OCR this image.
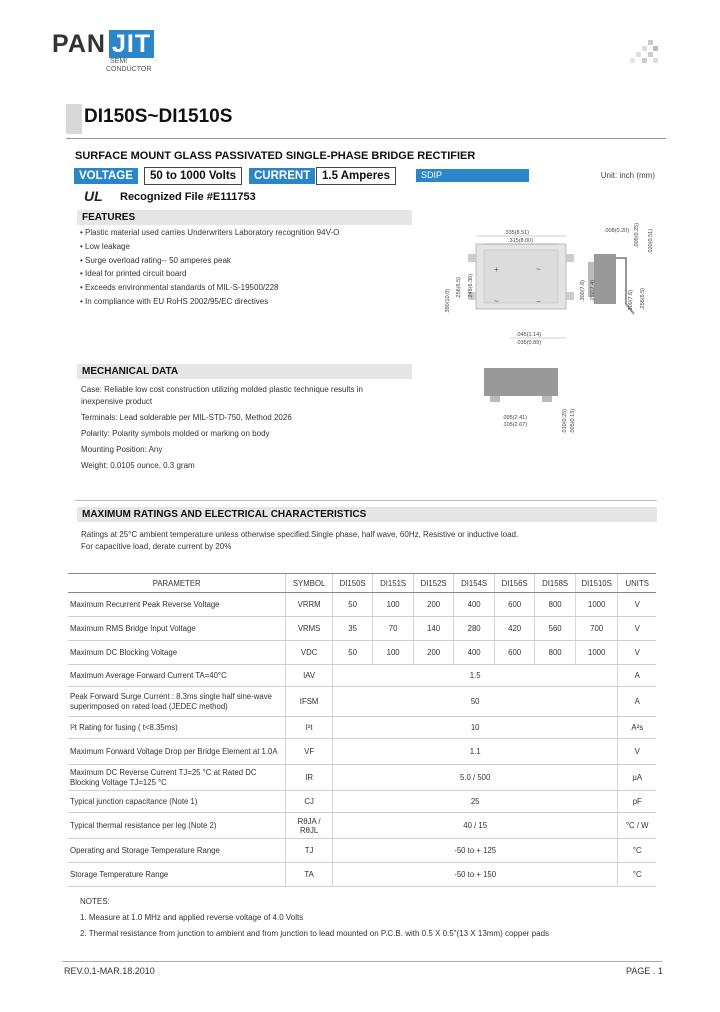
PAN JIT
SEMI
CONDUCTOR
DI150S~DI1510S
SURFACE MOUNT GLASS PASSIVATED SINGLE-PHASE BRIDGE RECTIFIER
VOLTAGE	50 to 1000 Volts	CURRENT	1.5 Amperes	SDIP	Unit: inch (mm)
UL Recognized File #E111753
FEATURES
• Plastic material used carries Underwriters Laboratory recognition 94V-O
• Low leakage
• Surge overload rating-- 50 amperes peak
• Ideal for printed circuit board
• Exceeds environmental standards of MIL-S-19500/228
• In compliance with EU RoHS 2002/95/EC directives
MECHANICAL DATA

Case: Reliable low cost construction utilizing molded plastic technique results in inexpensive product

Terminals: Lead solderable per MIL-STD-750, Method 2026

Polarity: Polarity symbols molded or marking on body

Mounting Position: Any

Weight: 0.0105 ounce, 0.3 gram

+	~
~	−
.335(8.51)
.315(8.00)
.045(1.14)
.035(0.89)
.390(10.0)
.256(6.5)
.008(0.20) .009(0.25) .020(0.51)
.300(7.6) .292(7.4)	.300(7.6) .256(6.5)
.095(2.41)
.105(2.67)	.010(0.25) .005(0.13)
.248(6.30)
MAXIMUM RATINGS AND ELECTRICAL CHARACTERISTICS
Ratings at 25°C ambient temperature unless otherwise specified.Single phase, half wave, 60Hz, Resistive or inductive load.
For capacitive load, derate current by 20%
PARAMETER	SYMBOL	DI150S	DI151S	DI152S	DI154S	DI156S	DI158S	DI1510S	UNITS
Maximum Recurrent Peak Reverse Voltage	VRRM	50	100	200	400	600	800	1000	V
Maximum RMS Bridge Input Voltage	VRMS	35	70	140	280	420	560	700	V
Maximum DC Blocking Voltage	VDC	50	100	200	400	600	800	1000	V
Maximum Average Forward Current TA=40°C	IAV	1.5							A
Peak Forward Surge Current : 8.3ms single half sine-wave superimposed on rated load (JEDEC method)	IFSM	50							A
I²t Rating for fusing ( t<8.35ms)	I²t	10							A²s
Maximum Forward Voltage Drop per Bridge Element at 1.0A	VF	1.1							V
Maximum DC Reverse Current TJ=25 °C at Rated DC Blocking Voltage TJ=125 °C	IR	5.0 / 500							μA
Typical junction capacitance (Note 1)	CJ	25							pF
Typical thermal resistance per leg (Note 2)	RθJA / RθJL	40 / 15							°C / W
Operating and Storage Temperature Range	TJ	-50 to + 125							°C
Storage Temperature Range	TA	-50 to + 150							°C
NOTES:
1. Measure at 1.0 MHz and applied reverse voltage of 4.0 Volts
2. Thermal resistance from junction to ambient and from junction to lead mounted on P.C.B. with 0.5 X 0.5"(13 X 13mm) copper pads
REV.0.1-MAR.18.2010	PAGE . 1
